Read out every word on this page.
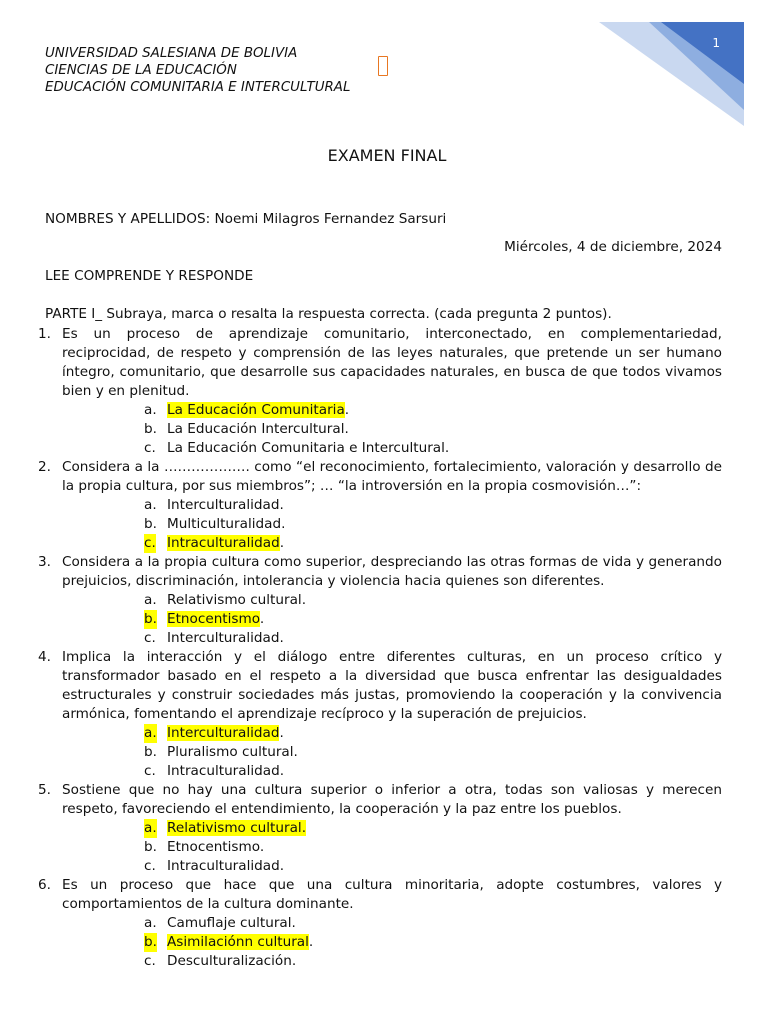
1
UNIVERSIDAD SALESIANA DE BOLIVIA
CIENCIAS DE LA EDUCACIÓN
EDUCACIÓN COMUNITARIA E INTERCULTURAL
EXAMEN FINAL
NOMBRES Y APELLIDOS: Noemi Milagros Fernandez Sarsuri
Miércoles, 4 de diciembre, 2024
LEE COMPRENDE Y RESPONDE
PARTE I_ Subraya, marca o resalta la respuesta correcta. (cada pregunta 2 puntos).
1. Es un proceso de aprendizaje comunitario, interconectado, en complementariedad, reciprocidad, de respeto y comprensión de las leyes naturales, que pretende un ser humano íntegro, comunitario, que desarrolle sus capacidades naturales, en busca de que todos vivamos bien y en plenitud.
a. La Educación Comunitaria.
b. La Educación Intercultural.
c. La Educación Comunitaria e Intercultural.
2. Considera a la ………………. como “el reconocimiento, fortalecimiento, valoración y desarrollo de la propia cultura, por sus miembros”; … “la introversión en la propia cosmovisión…”:
a. Interculturalidad.
b. Multiculturalidad.
c. Intraculturalidad.
3. Considera a la propia cultura como superior, despreciando las otras formas de vida y generando prejuicios, discriminación, intolerancia y violencia hacia quienes son diferentes.
a. Relativismo cultural.
b. Etnocentismo.
c. Interculturalidad.
4. Implica la interacción y el diálogo entre diferentes culturas, en un proceso crítico y transformador basado en el respeto a la diversidad que busca enfrentar las desigualdades estructurales y construir sociedades más justas, promoviendo la cooperación y la convivencia armónica, fomentando el aprendizaje recíproco y la superación de prejuicios.
a. Interculturalidad.
b. Pluralismo cultural.
c. Intraculturalidad.
5. Sostiene que no hay una cultura superior o inferior a otra, todas son valiosas y merecen respeto, favoreciendo el entendimiento, la cooperación y la paz entre los pueblos.
a. Relativismo cultural.
b. Etnocentismo.
c. Intraculturalidad.
6. Es un proceso que hace que una cultura minoritaria, adopte costumbres, valores y comportamientos de la cultura dominante.
a. Camuflaje cultural.
b. Asimilaciónn cultural.
c. Desculturalización.
